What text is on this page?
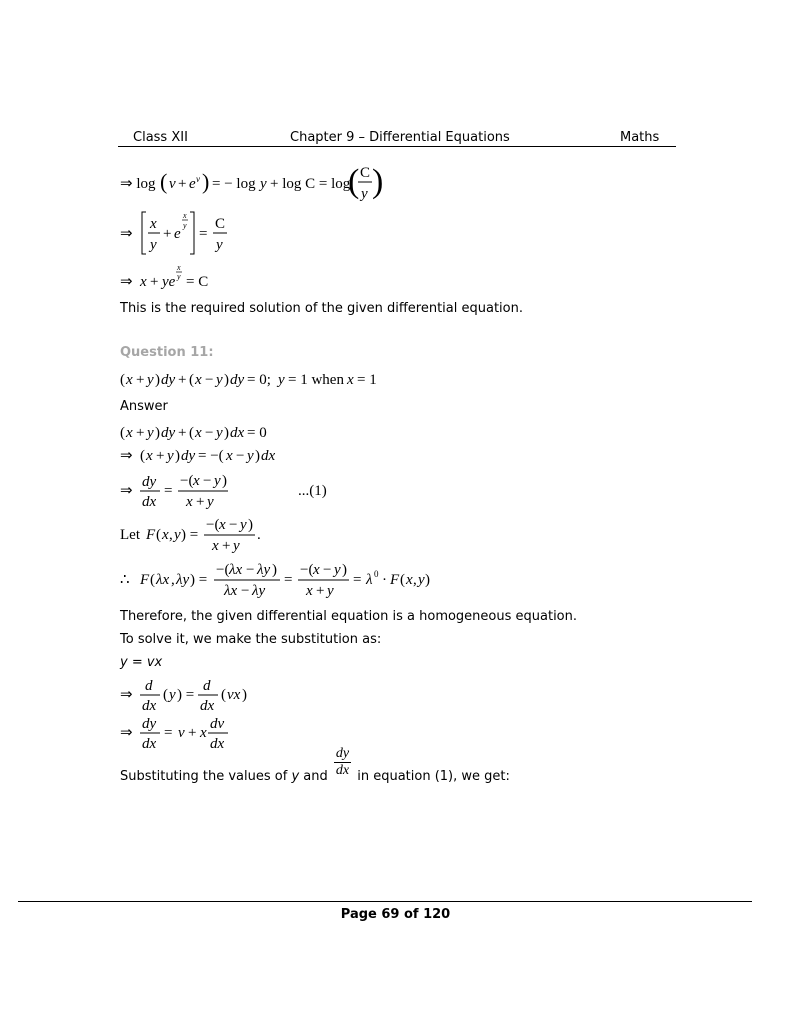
Class XII	Chapter 9 – Differential Equations	Maths
⇒ log ( v + e v ) = − log y + log C = log
( C
y )
⇒
x
y
+ e
x
y
=
C
y
⇒ x + ye
x
y = C
This is the required solution of the given differential equation.
Question 11:
( x + y ) dy + ( x − y ) dy = 0; y = 1 when x = 1
Answer
( x + y ) dy + ( x − y ) dx = 0
⇒ ( x + y ) dy = −( x − y ) dx
⇒
dy
dx
=
−( x − y )
x + y
...(1)
Let F ( x , y ) =
−( x − y )
x + y
.
∴ F ( λx , λy ) =
−( λx − λy )
λx − λy
=
−( x − y )
x + y
= λ 0 · F ( x , y )
Therefore, the given differential equation is a homogeneous equation.
To solve it, we make the substitution as:
y = vx
⇒
d
dx
( y ) =
d
dx
( vx )
⇒
dy
dx
= v + x
dv
dx
Substituting the values of y and $\frac{dy}{dx}$ in equation (1), we get:
Page 69 of 120
